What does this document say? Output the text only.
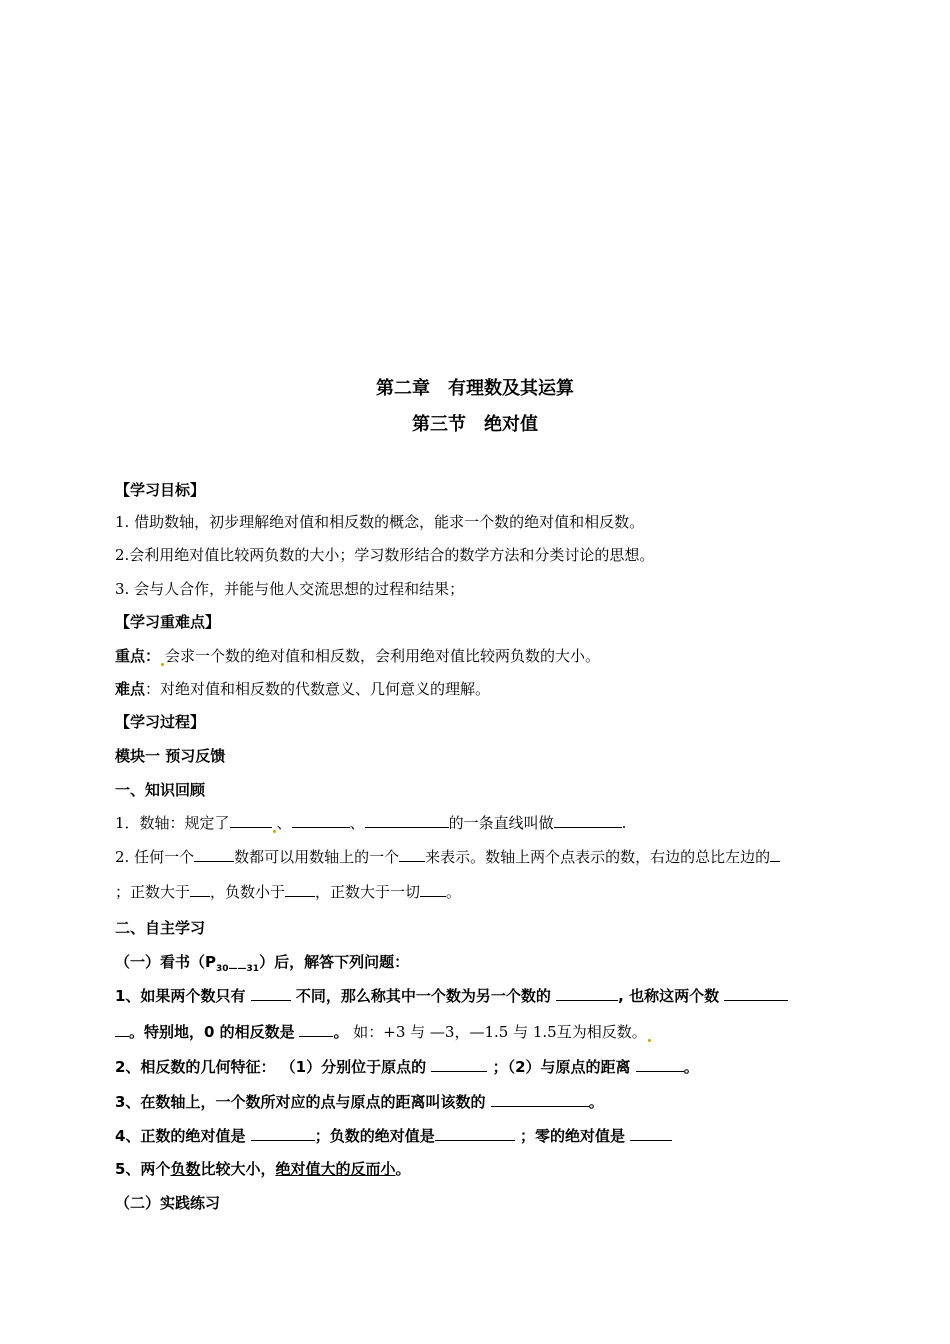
第二章　有理数及其运算
第三节　绝对值
【学习目标】
1. 借助数轴，初步理解绝对值和相反数的概念，能求一个数的绝对值和相反数。
2.会利用绝对值比较两负数的大小；学习数形结合的数学方法和分类讨论的思想。
3. 会与人合作，并能与他人交流思想的过程和结果；
【学习重难点】
重点： 会求一个数的绝对值和相反数，会利用绝对值比较两负数的大小。
难点：对绝对值和相反数的代数意义、几何意义的理解。
【学习过程】
模块一 预习反馈
一、知识回顾
1．数轴：规定了	、	、	的一条直线叫做	.
2. 任何一个	数都可以用数轴上的一个 来表示。数轴上两个点表示的数，右边的总比左边的
；正数大于 ，负数小于 ，正数大于一切 。
二、自主学习
（一）看书$(P_{30——31})$后，解答下列问题：
1、如果两个数只有	不同，那么称其中一个数为另一个数的	, 也称这两个数
。特别地，0 的相反数是	。 如：+3 与 —3，—1.5 与 1.5互为相反数。
2、相反数的几何特征： （1）分别位于原点的	；（2）与原点的距离	。
3、在数轴上，一个数所对应的点与原点的距离叫该数的	。
4、正数的绝对值是	；负数的绝对值是	；零的绝对值是
5、两个负数比较大小，绝对值大的反而小。
（二）实践练习
